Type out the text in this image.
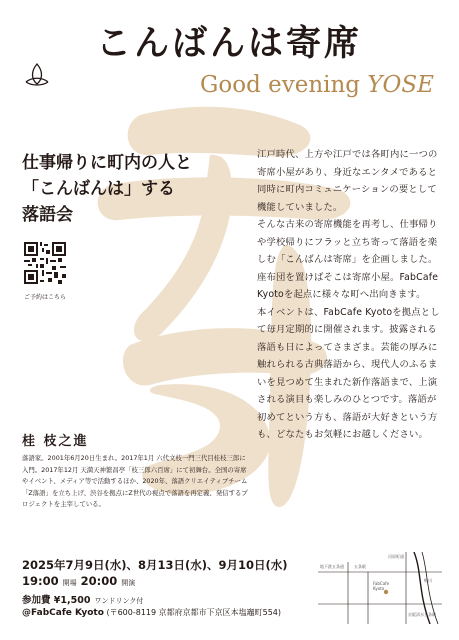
こんばんは寄席
Good evening YOSE
仕事帰りに町内の人と
「こんばんは」する
落語会
ご予約はこちら

江戸時代、上方や江戸では各町内に一つの寄席小屋があり、身近なエンタメであると同時に町内コミュニケーションの要として機能していました。

そんな古来の寄席機能を再考し、仕事帰りや学校帰りにフラッと立ち寄って落語を楽しむ「こんばんは寄席」を企画しました。座布団を置けばそこは寄席小屋。FabCafe Kyotoを起点に様々な町へ出向きます。

本イベントは、FabCafe Kyotoを拠点として毎月定期的に開催されます。披露される落語も日によってさまざま。芸能の厚みに触れられる古典落語から、現代人のふるまいを見つめて生まれた新作落語まで、上演される演目も楽しみのひとつです。落語が初めてという方も、落語が大好きという方も、どなたもお気軽にお越しください。

桂 枝之進
落語家。2001年6月20日生まれ。2017年1月 六代文枝一門三代目桂枝三郎に入門。2017年12月 天満天神繁昌亭「枝三郎六百席」にて初舞台。全国の寄席やイベント、メディア等で活動するほか、2020年、落語クリエイティブチーム「Z落語」を立ち上げ、渋谷を拠点にZ世代の視点で落語を再定義、発信するプロジェクトを主宰している。
2025年7月9日(水)、8月13日(水)、9月10日(水)
19:00 開場 20:00 開演
参加費 ¥1,500 ワンドリンク付
@FabCafe Kyoto (〒600-8119 京都府京都市下京区本塩竈町554)
地下鉄五条通	五条駅
FabCafe
Kyoto
河原町通
鴨川
京阪清水五条駅
